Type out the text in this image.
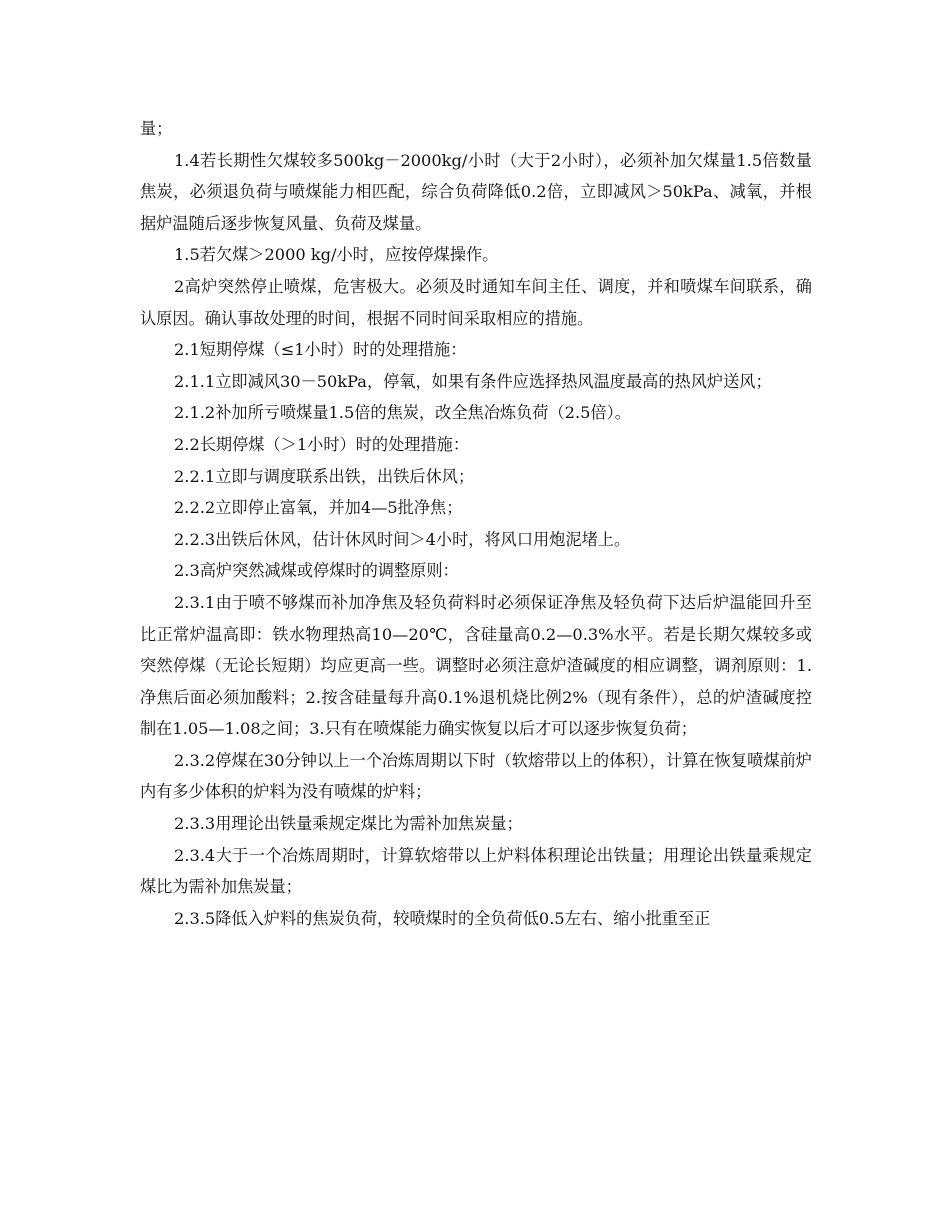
量；

1.4若长期性欠煤较多500kg－2000kg/小时（大于2小时），必须补加欠煤量1.5倍数量焦炭，必须退负荷与喷煤能力相匹配，综合负荷降低0.2倍，立即减风＞50kPa、减氧，并根据炉温随后逐步恢复风量、负荷及煤量。

1.5若欠煤＞2000 kg/小时，应按停煤操作。

2高炉突然停止喷煤，危害极大。必须及时通知车间主任、调度，并和喷煤车间联系，确认原因。确认事故处理的时间，根据不同时间采取相应的措施。

2.1短期停煤（≤1小时）时的处理措施：

2.1.1立即减风30－50kPa，停氧，如果有条件应选择热风温度最高的热风炉送风；

2.1.2补加所亏喷煤量1.5倍的焦炭，改全焦冶炼负荷（2.5倍）。

2.2长期停煤（＞1小时）时的处理措施：

2.2.1立即与调度联系出铁，出铁后休风；

2.2.2立即停止富氧，并加4—5批净焦；

2.2.3出铁后休风，估计休风时间＞4小时，将风口用炮泥堵上。

2.3高炉突然减煤或停煤时的调整原则：

2.3.1由于喷不够煤而补加净焦及轻负荷料时必须保证净焦及轻负荷下达后炉温能回升至比正常炉温高即：铁水物理热高10—20℃，含硅量高0.2—0.3%水平。若是长期欠煤较多或突然停煤（无论长短期）均应更高一些。调整时必须注意炉渣碱度的相应调整，调剂原则：1.净焦后面必须加酸料；2.按含硅量每升高0.1%退机烧比例2%（现有条件），总的炉渣碱度控制在1.05—1.08之间；3.只有在喷煤能力确实恢复以后才可以逐步恢复负荷；

2.3.2停煤在30分钟以上一个冶炼周期以下时（软熔带以上的体积），计算在恢复喷煤前炉内有多少体积的炉料为没有喷煤的炉料；

2.3.3用理论出铁量乘规定煤比为需补加焦炭量；

2.3.4大于一个冶炼周期时，计算软熔带以上炉料体积理论出铁量；用理论出铁量乘规定煤比为需补加焦炭量；

2.3.5降低入炉料的焦炭负荷，较喷煤时的全负荷低0.5左右、缩小批重至正
